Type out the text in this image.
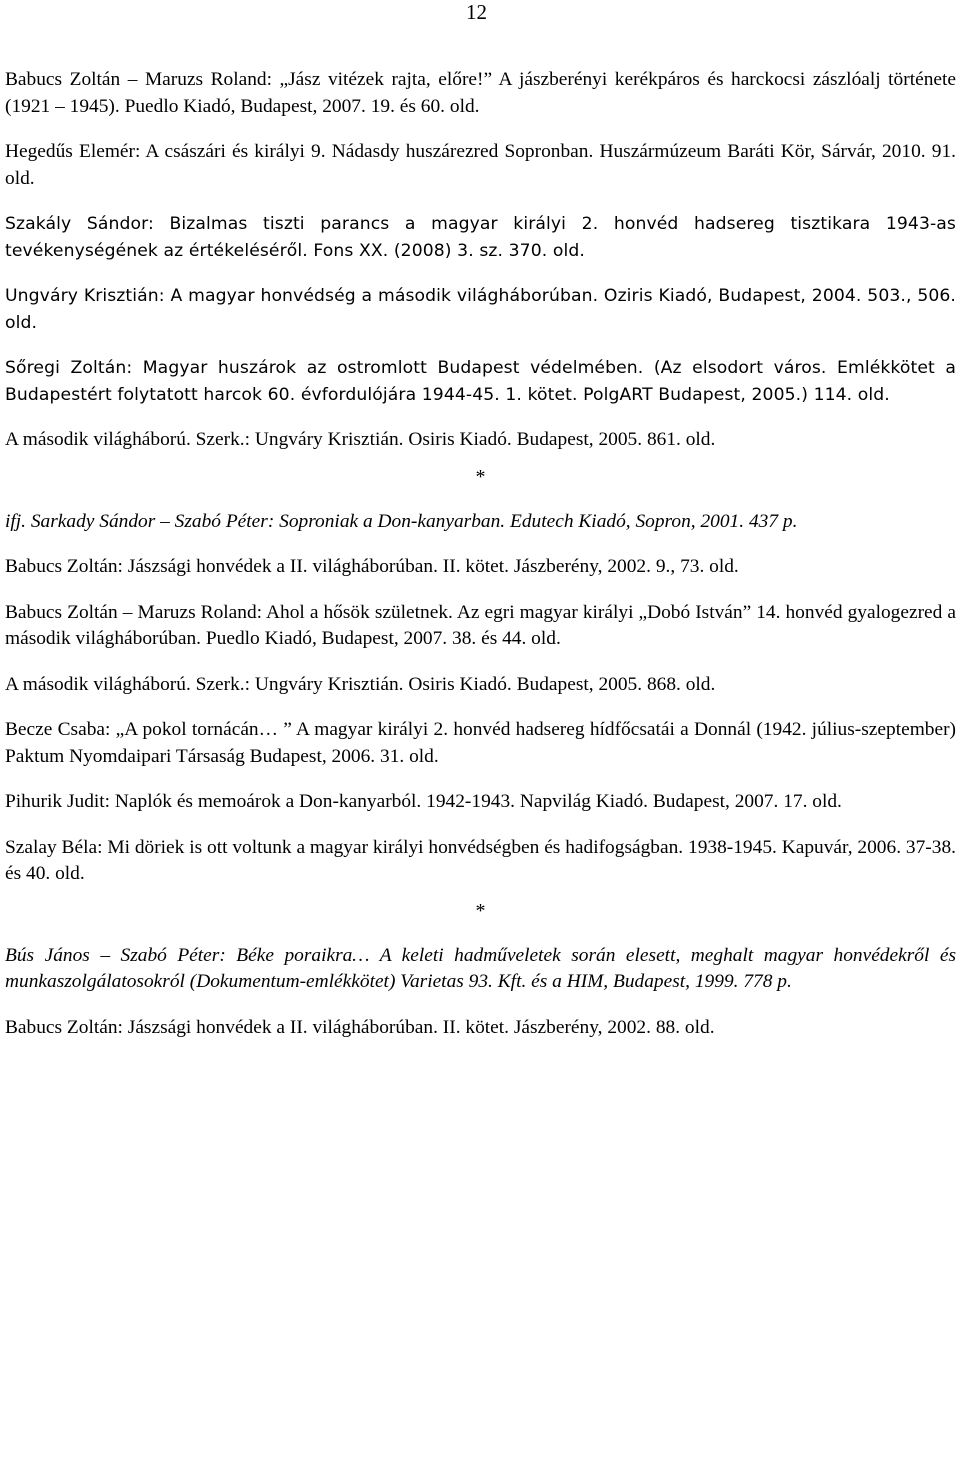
12

Babucs Zoltán – Maruzs Roland: „Jász vitézek rajta, előre!” A jászberényi kerékpáros és harckocsi zászlóalj története (1921 – 1945). Puedlo Kiadó, Budapest, 2007. 19. és 60. old.

Hegedűs Elemér: A császári és királyi 9. Nádasdy huszárezred Sopronban. Huszármúzeum Baráti Kör, Sárvár, 2010. 91. old.

Szakály Sándor: Bizalmas tiszti parancs a magyar királyi 2. honvéd hadsereg tisztikara 1943-as tevékenységének az értékeléséről. Fons XX. (2008) 3. sz. 370. old.

Ungváry Krisztián: A magyar honvédség a második világháborúban. Oziris Kiadó, Budapest, 2004. 503., 506. old.

Sőregi Zoltán: Magyar huszárok az ostromlott Budapest védelmében. (Az elsodort város. Emlékkötet a Budapestért folytatott harcok 60. évfordulójára 1944-45. 1. kötet. PolgART Budapest, 2005.) 114. old.

A második világháború. Szerk.: Ungváry Krisztián. Osiris Kiadó. Budapest, 2005. 861. old.

*

ifj. Sarkady Sándor – Szabó Péter: Soproniak a Don-kanyarban. Edutech Kiadó, Sopron, 2001. 437 p.

Babucs Zoltán: Jászsági honvédek a II. világháborúban. II. kötet. Jászberény, 2002. 9., 73. old.

Babucs Zoltán – Maruzs Roland: Ahol a hősök születnek. Az egri magyar királyi „Dobó István” 14. honvéd gyalogezred a második világháborúban. Puedlo Kiadó, Budapest, 2007. 38. és 44. old.

A második világháború. Szerk.: Ungváry Krisztián. Osiris Kiadó. Budapest, 2005. 868. old.

Becze Csaba: „A pokol tornácán… ” A magyar királyi 2. honvéd hadsereg hídfőcsatái a Donnál (1942. július-szeptember) Paktum Nyomdaipari Társaság Budapest, 2006. 31. old.

Pihurik Judit: Naplók és memoárok a Don-kanyarból. 1942-1943. Napvilág Kiadó. Budapest, 2007. 17. old.

Szalay Béla: Mi döriek is ott voltunk a magyar királyi honvédségben és hadifogságban. 1938-1945. Kapuvár, 2006. 37-38. és 40. old.

*

Bús János – Szabó Péter: Béke poraikra… A keleti hadműveletek során elesett, meghalt magyar honvédekről és munkaszolgálatosokról (Dokumentum-emlékkötet) Varietas 93. Kft. és a HIM, Budapest, 1999. 778 p.

Babucs Zoltán: Jászsági honvédek a II. világháborúban. II. kötet. Jászberény, 2002. 88. old.
